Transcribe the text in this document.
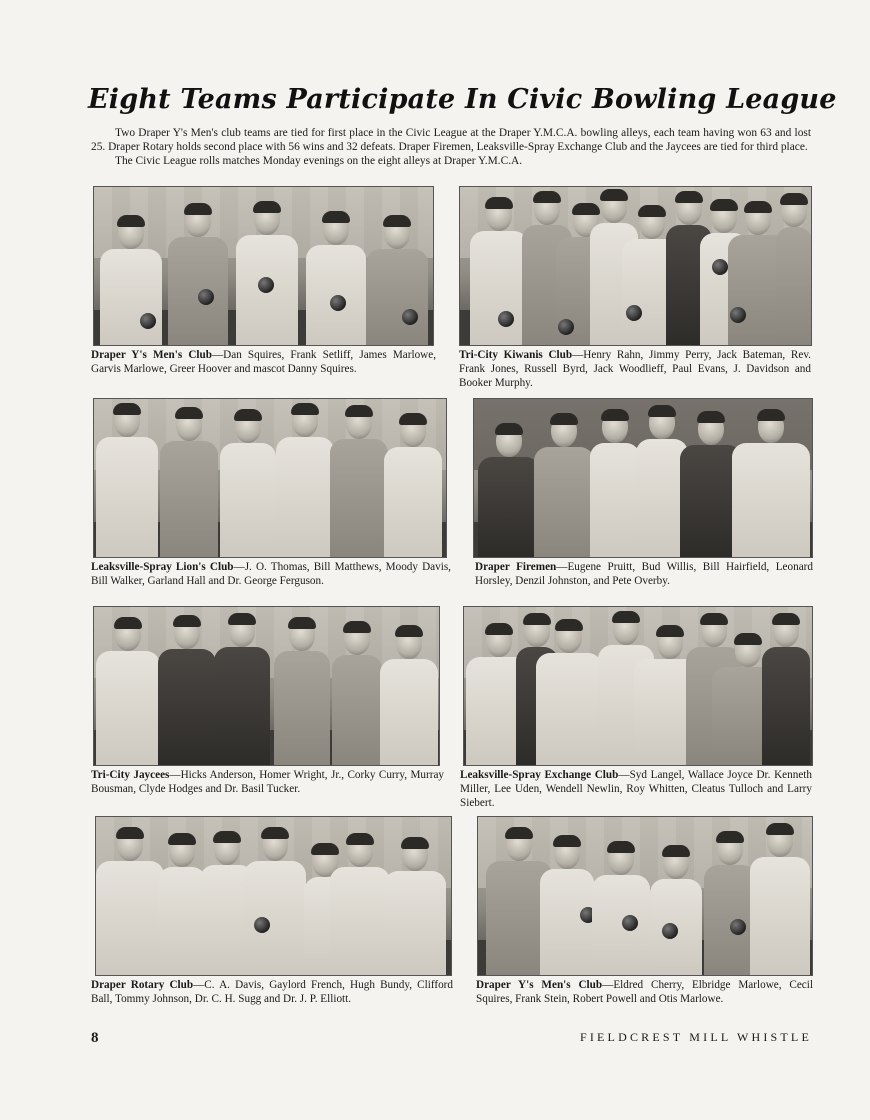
Eight Teams Participate In Civic Bowling League

Two Draper Y's Men's club teams are tied for first place in the Civic League at the Draper Y.M.C.A. bowling alleys, each team having won 63 and lost 25. Draper Rotary holds second place with 56 wins and 32 defeats. Draper Firemen, Leaksville-Spray Exchange Club and the Jaycees are tied for third place.

The Civic League rolls matches Monday evenings on the eight alleys at Draper Y.M.C.A.

Draper Y's Men's Club—Dan Squires, Frank Setliff, James Marlowe, Garvis Marlowe, Greer Hoover and mascot Danny Squires.
Tri-City Kiwanis Club—Henry Rahn, Jimmy Perry, Jack Bateman, Rev. Frank Jones, Russell Byrd, Jack Woodlieff, Paul Evans, J. Davidson and Booker Murphy.
Leaksville-Spray Lion's Club—J. O. Thomas, Bill Matthews, Moody Davis, Bill Walker, Garland Hall and Dr. George Ferguson.
Draper Firemen—Eugene Pruitt, Bud Willis, Bill Hairfield, Leonard Horsley, Denzil Johnston, and Pete Overby.
Tri-City Jaycees—Hicks Anderson, Homer Wright, Jr., Corky Curry, Murray Bousman, Clyde Hodges and Dr. Basil Tucker.
Leaksville-Spray Exchange Club—Syd Langel, Wallace Joyce Dr. Kenneth Miller, Lee Uden, Wendell Newlin, Roy Whitten, Cleatus Tulloch and Larry Siebert.
Draper Rotary Club—C. A. Davis, Gaylord French, Hugh Bundy, Clifford Ball, Tommy Johnson, Dr. C. H. Sugg and Dr. J. P. Elliott.
Draper Y's Men's Club—Eldred Cherry, Elbridge Marlowe, Cecil Squires, Frank Stein, Robert Powell and Otis Marlowe.
8	FIELDCREST MILL WHISTLE
